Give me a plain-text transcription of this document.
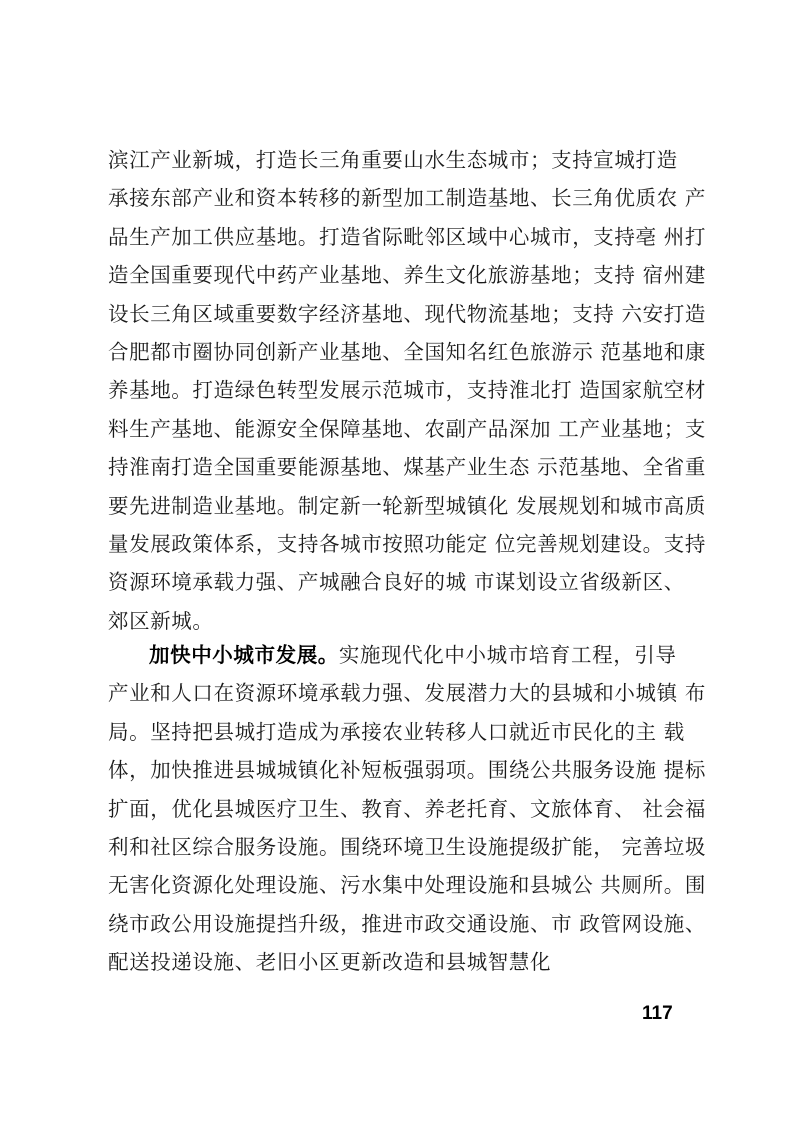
滨江产业新城，打造长三角重要山水生态城市；支持宣城打造
承接东部产业和资本转移的新型加工制造基地、长三角优质农 产
品生产加工供应基地。打造省际毗邻区域中心城市，支持亳 州打
造全国重要现代中药产业基地、养生文化旅游基地；支持 宿州建
设长三角区域重要数字经济基地、现代物流基地；支持 六安打造
合肥都市圈协同创新产业基地、全国知名红色旅游示 范基地和康
养基地。打造绿色转型发展示范城市，支持淮北打 造国家航空材
料生产基地、能源安全保障基地、农副产品深加 工产业基地；支
持淮南打造全国重要能源基地、煤基产业生态 示范基地、全省重
要先进制造业基地。制定新一轮新型城镇化 发展规划和城市高质
量发展政策体系，支持各城市按照功能定 位完善规划建设。支持
资源环境承载力强、产城融合良好的城 市谋划设立省级新区、
郊区新城。
加快中小城市发展。实施现代化中小城市培育工程，引导
产业和人口在资源环境承载力强、发展潜力大的县城和小城镇 布
局。坚持把县城打造成为承接农业转移人口就近市民化的主 载
体，加快推进县城城镇化补短板强弱项。围绕公共服务设施 提标
扩面，优化县城医疗卫生、教育、养老托育、文旅体育、 社会福
利和社区综合服务设施。围绕环境卫生设施提级扩能， 完善垃圾
无害化资源化处理设施、污水集中处理设施和县城公 共厕所。围
绕市政公用设施提挡升级，推进市政交通设施、市 政管网设施、
配送投递设施、老旧小区更新改造和县城智慧化
117
